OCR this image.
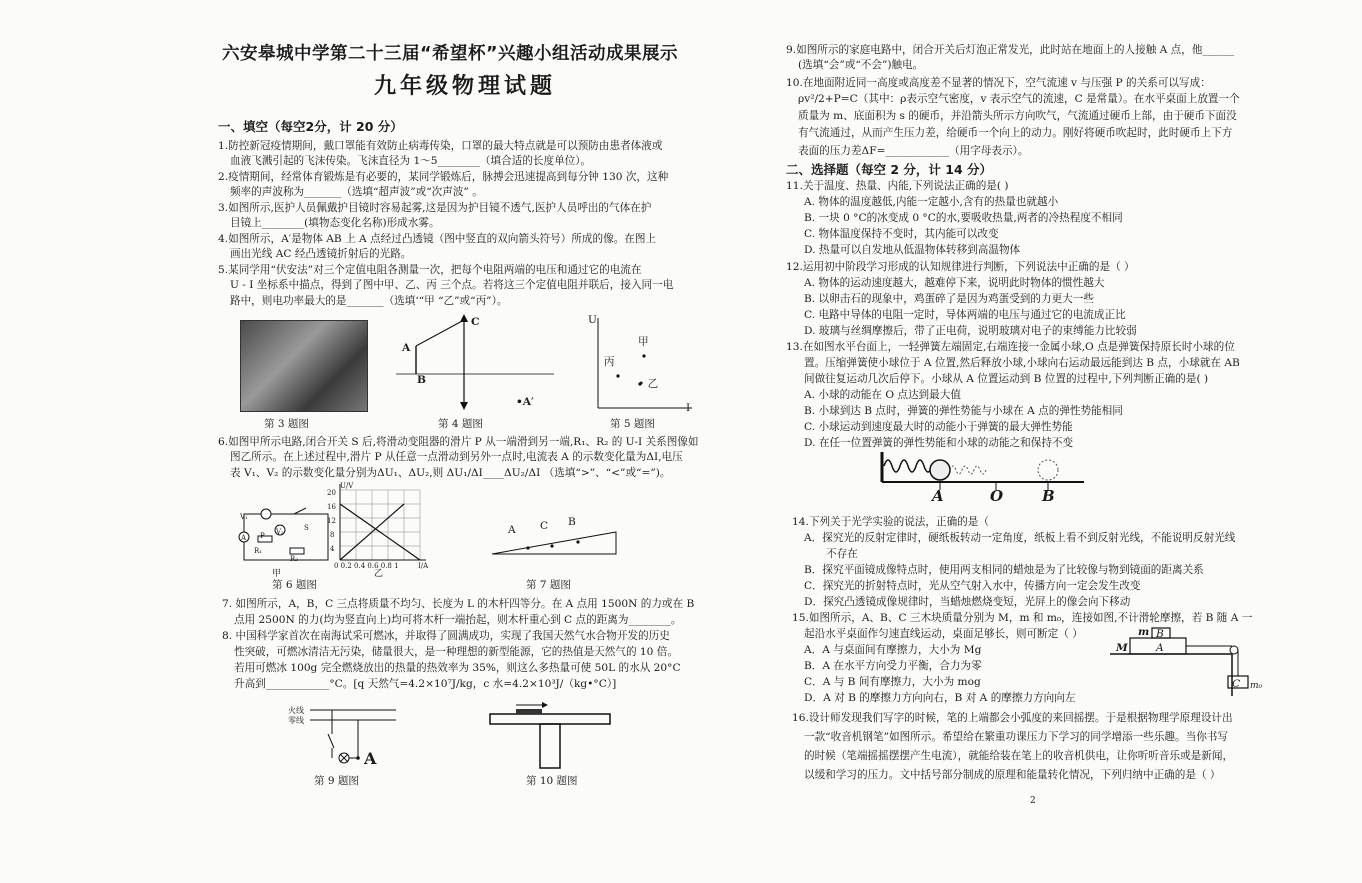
六安皋城中学第二十三届“希望杯”兴趣小组活动成果展示
九年级物理试题
一、填空（每空2分，计 20 分）
1.防控新冠疫情期间，戴口罩能有效防止病毒传染，口罩的最大特点就是可以预防由患者体液或
血液飞溅引起的飞沫传染。飞沫直径为 1～5________（填合适的长度单位）。
2.疫情期间，经常体育锻炼是有必要的，某同学锻炼后，脉搏会迅速提高到每分钟 130 次，这种
频率的声波称为_______（选填“超声波”或“次声波” 。
3.如图所示,医护人员佩戴护目镜时容易起雾,这是因为护目镜不透气,医护人员呼出的气体在护
目镜上________(填物态变化名称)形成水雾。
4.如图所示，A′是物体 AB 上 A 点经过凸透镜（图中竖直的双向箭头符号）所成的像。在图上
画出光线 AC 经凸透镜折射后的光路。
5.某同学用“伏安法”对三个定值电阻各测量一次，把每个电阻两端的电压和通过它的电流在
U - I 坐标系中描点，得到了图中甲、乙、丙 三个点。若将这三个定值电阻并联后，接入同一电
路中，则电功率最大的是_______（选填‘“甲 “乙”或“丙”）。
第 3 题图
C
A
B
•A′
第 4 题图
U
I
甲
丙
• 乙
第 5 题图
6.如图甲所示电路,闭合开关 S 后,将滑动变阻器的滑片 P 从一端滑到另一端,R₁、R₂ 的 U-I 关系图像如
图乙所示。在上述过程中,滑片 P 从任意一点滑动到另外一点时,电流表 A 的示数变化量为ΔI,电压
表 V₁、V₂ 的示数变化量分别为ΔU₁、ΔU₂,则 ΔU₁/ΔI____ΔU₂/ΔI （选填“>”、“<”或“=”)。
V₁
V₂
R₁
R₂
S
P
A
甲
U/V
20
16
12
8
4
0 0.2 0.4 0.6 0.8 1	I/A
乙
第 6 题图
A C B
第 7 题图
7. 如图所示，A，B，C 三点将质量不均匀、长度为 L 的木杆四等分。在 A 点用 1500N 的力或在 B
点用 2500N 的力(均为竖直向上)均可将木杆一端抬起，则木杆重心到 C 点的距离为________。
8. 中国科学家首次在南海试采可燃冰，并取得了圆满成功，实现了我国天然气水合物开发的历史
性突破，可燃冰清洁无污染，储量很大，是一种理想的新型能源，它的热值是天然气的 10 倍。
若用可燃冰 100g 完全燃烧放出的热量的热效率为 35%，则这么多热量可使 50L 的水从 20°C
升高到____________°C。[q 天然气=4.2×10⁷J/kg，c 水=4.2×10³J/（kg•°C）]
火线
零线
A
第 9 题图	第 10 题图
9.如图所示的家庭电路中，闭合开关后灯泡正常发光，此时站在地面上的人接触 A 点，他______
(选填“会”或“不会”)触电。
10.在地面附近同一高度或高度差不显著的情况下，空气流速 v 与压强 P 的关系可以写成：
ρv²/2+P=C（其中：ρ表示空气密度，v 表示空气的流速，C 是常量）。在水平桌面上放置一个
质量为 m、底面积为 s 的硬币，并沿箭头所示方向吹气，气流通过硬币上部，由于硬币下面没
有气流通过，从而产生压力差，给硬币一个向上的动力。刚好将硬币吹起时，此时硬币上下方
表面的压力差ΔF=____________（用字母表示）。
二、选择题（每空 2 分，计 14 分）
11.关于温度、热量、内能,下列说法正确的是( )
A. 物体的温度越低,内能一定越小,含有的热量也就越小
B. 一块 0 °C的冰变成 0 °C的水,要吸收热量,两者的冷热程度不相同
C. 物体温度保持不变时，其内能可以改变
D. 热量可以自发地从低温物体转移到高温物体
12.运用初中阶段学习形成的认知规律进行判断，下列说法中正确的是（ ）
A. 物体的运动速度越大，越难停下来，说明此时物体的惯性越大
B. 以卵击石的现象中，鸡蛋碎了是因为鸡蛋受到的力更大一些
C. 电路中导体的电阻一定时，导体两端的电压与通过它的电流成正比
D. 玻璃与丝绸摩擦后，带了正电荷，说明玻璃对电子的束缚能力比较弱
13.在如图水平台面上，一轻弹簧左端固定,右端连接一金属小球,O 点是弹簧保持原长时小球的位
置。压缩弹簧使小球位于 A 位置,然后释放小球,小球向右运动最远能到达 B 点，小球就在 AB
间做往复运动几次后停下。小球从 A 位置运动到 B 位置的过程中,下列判断正确的是( )
A. 小球的动能在 O 点达到最大值
B. 小球到达 B 点时，弹簧的弹性势能与小球在 A 点的弹性势能相同
C. 小球运动到速度最大时的动能小于弹簧的最大弹性势能
D. 在任一位置弹簧的弹性势能和小球的动能之和保持不变
A	O	B
14.下列关于光学实验的说法，正确的是（
A．探究光的反射定律时，硬纸板转动一定角度，纸板上看不到反射光线，不能说明反射光线
不存在
B．探究平面镜成像特点时，使用两支相同的蜡烛是为了比较像与物到镜面的距离关系
C．探究光的折射特点时，光从空气射入水中，传播方向一定会发生改变
D．探究凸透镜成像规律时，当蜡烛燃烧变短，光屏上的像会向下移动
15.如图所示，A、B、C 三木块质量分别为 M，m 和 m₀，连接如图,不计滑轮摩擦，若 B 随 A 一
起沿水平桌面作匀速直线运动，桌面足够长，则可断定（ ）
A．A 与桌面间有摩擦力，大小为 Mg
B．A 在水平方向受力平衡，合力为零
C．A 与 B 间有摩擦力，大小为 mog
D．A 对 B 的摩擦力方向向右，B 对 A 的摩擦力方向向左
m B
M	A
C m₀
16.设计师发现我们写字的时候，笔的上端都会小弧度的来回摇摆。于是根据物理学原理设计出
一款“收音机钢笔”如图所示。希望给在繁重功课压力下学习的同学增添一些乐趣。当你书写
的时候（笔端摇摇摆摆产生电流），就能给装在笔上的收音机供电，让你听听音乐或是新闻，
以缓和学习的压力。文中括号部分制成的原理和能量转化情况，下列归纳中正确的是（ ）
2
